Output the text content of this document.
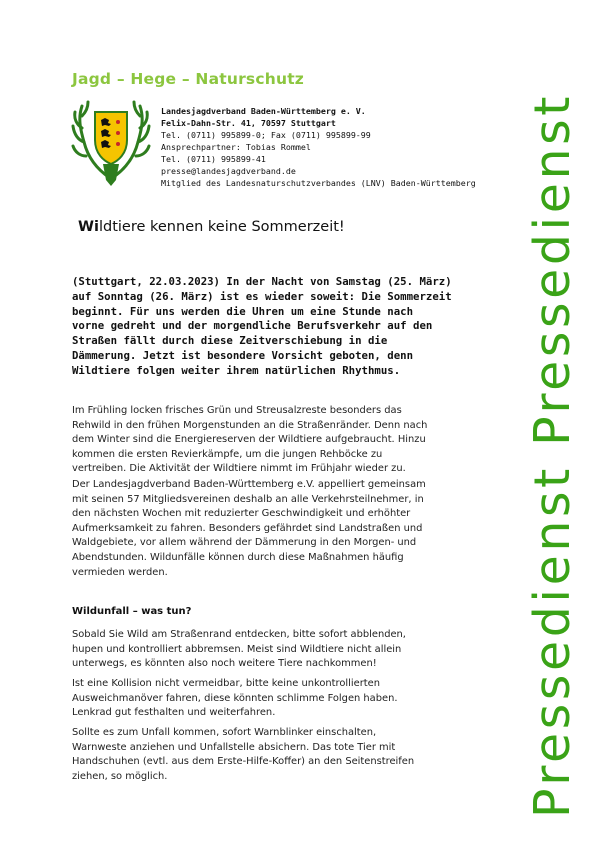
Jagd – Hege – Naturschutz
Landesjagdverband Baden-Württemberg e. V.
Felix-Dahn-Str. 41, 70597 Stuttgart
Tel. (0711) 995899-0; Fax (0711) 995899-99
Ansprechpartner: Tobias Rommel
Tel. (0711) 995899-41
presse@landesjagdverband.de
Mitglied des Landesnaturschutzverbandes (LNV) Baden-Württemberg
Wildtiere kennen keine Sommerzeit!
(Stuttgart, 22.03.2023) In der Nacht von Samstag (25. März)
auf Sonntag (26. März) ist es wieder soweit: Die Sommerzeit
beginnt. Für uns werden die Uhren um eine Stunde nach
vorne gedreht und der morgendliche Berufsverkehr auf den
Straßen fällt durch diese Zeitverschiebung in die
Dämmerung. Jetzt ist besondere Vorsicht geboten, denn
Wildtiere folgen weiter ihrem natürlichen Rhythmus.
Im Frühling locken frisches Grün und Streusalzreste besonders das
Rehwild in den frühen Morgenstunden an die Straßenränder. Denn nach
dem Winter sind die Energiereserven der Wildtiere aufgebraucht. Hinzu
kommen die ersten Revierkämpfe, um die jungen Rehböcke zu
vertreiben. Die Aktivität der Wildtiere nimmt im Frühjahr wieder zu.
Der Landesjagdverband Baden-Württemberg e.V. appelliert gemeinsam
mit seinen 57 Mitgliedsvereinen deshalb an alle Verkehrsteilnehmer, in
den nächsten Wochen mit reduzierter Geschwindigkeit und erhöhter
Aufmerksamkeit zu fahren. Besonders gefährdet sind Landstraßen und
Waldgebiete, vor allem während der Dämmerung in den Morgen- und
Abendstunden. Wildunfälle können durch diese Maßnahmen häufig
vermieden werden.
Wildunfall – was tun?
Sobald Sie Wild am Straßenrand entdecken, bitte sofort abblenden,
hupen und kontrolliert abbremsen. Meist sind Wildtiere nicht allein
unterwegs, es könnten also noch weitere Tiere nachkommen!
Ist eine Kollision nicht vermeidbar, bitte keine unkontrollierten
Ausweichmanöver fahren, diese könnten schlimme Folgen haben.
Lenkrad gut festhalten und weiterfahren.
Sollte es zum Unfall kommen, sofort Warnblinker einschalten,
Warnweste anziehen und Unfallstelle absichern. Das tote Tier mit
Handschuhen (evtl. aus dem Erste-Hilfe-Koffer) an den Seitenstreifen
ziehen, so möglich.	Pressedienst Pressedienst
